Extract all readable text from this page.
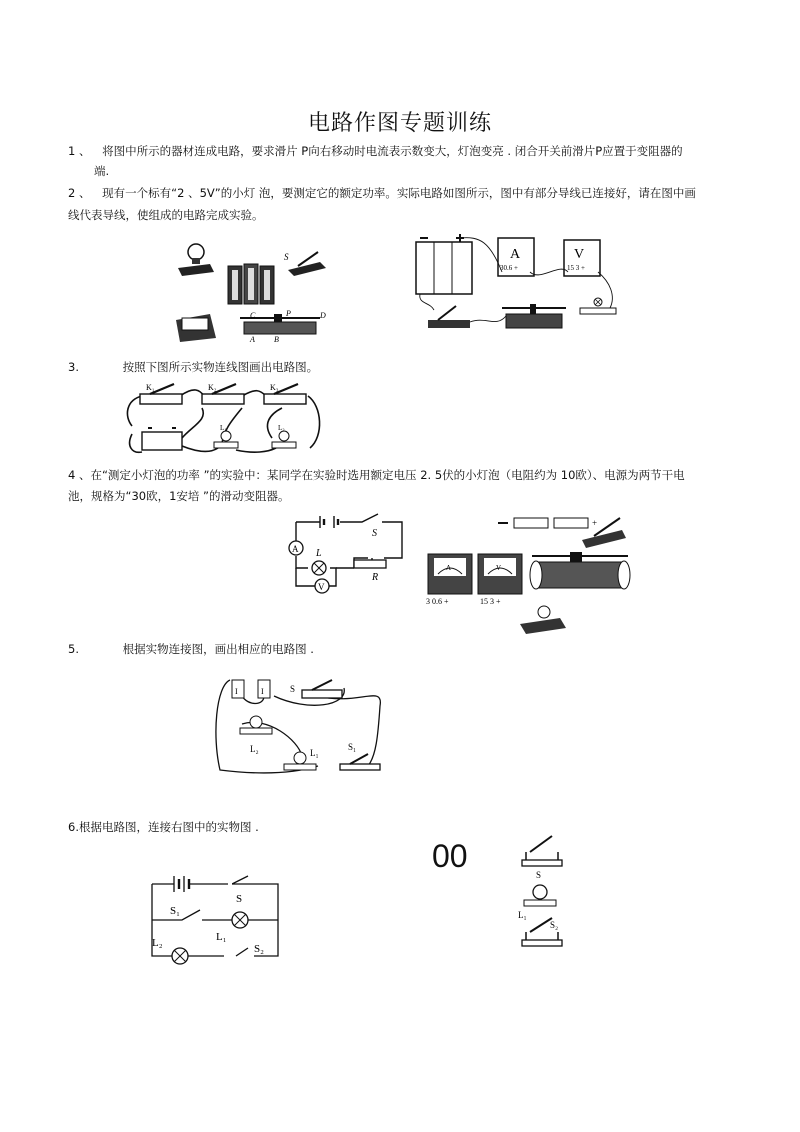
电路作图专题训练
1 、 将图中所示的器材连成电路，要求滑片 P向右移动时电流表示数变大，灯泡变亮 . 闭合开关前滑片P应置于变阻器的
端.
2 、 现有一个标有“2 、5V”的小灯 泡，要测定它的额定功率。实际电路如图所示，图中有部分导线已连接好，请在图中画
线代表导线，使组成的电路完成实验。
S
C	P	D
A B
A
30.6 +
V
15 3 +
3.	按照下图所示实物连线图画出电路图。
K₁	K₂	K₃
L₁	L₂
4 、在“测定小灯泡的功率 ”的实验中：某同学在实验时选用额定电压 2. 5伏的小灯泡（电阻约为 10欧）、电源为两节干电
池，规格为“30欧，1安培 ”的滑动变阻器。
S
A L
V
R
+
A
3 0.6 +
V
15 3 +
5.	根据实物连接图，画出相应的电路图 .
I	I	S
L₂	L₁
S₁
6.根据电路图，连接右图中的实物图 .
00
S
S₁
L₁
L₂	S₂
S
L₁
S₂
